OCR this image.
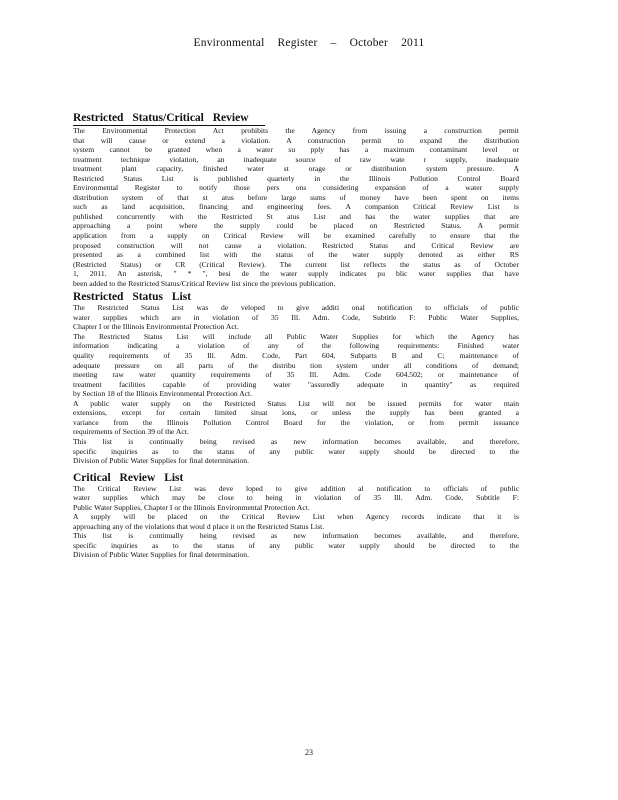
Environmental Register – October 2011
Restricted Status/Critical Review
The Environmental Protection Act prohibits the Agency from issuing a construction permit
that will cause or extend a violation. A construction permit to expand the distribution
system cannot be granted when a water su pply has a maximum contaminant level or
treatment technique violation, an inadequate source of raw wate r supply, inadequate
treatment plant capacity, finished water st orage or distribution system pressure. A
Restricted Status List is published quarterly in the Illinois Pollution Control Board
Environmental Register to notify those pers ons considering expansion of a water supply
distribution system of that st atus before large sums of money have been spent on items
such as land acquisition, financing and engineering fees. A companion Critical Review List is
published concurrently with the Restricted St atus List and has the water supplies that are
approaching a point where the supply could be placed on Restricted Status. A permit
application from a supply on Critical Review will be examined carefully to ensure that the
proposed construction will not cause a violation. Restricted Status and Critical Review are
presented as a combined list with the status of the water supply denoted as either RS
(Restricted Status) or CR (Critical Review). The current list reflects the status as of October
1, 2011. An asterisk, " * ", besi de the water supply indicates pu blic water supplies that have
been added to the Restricted Status/Critical Review list since the previous publication.
Restricted Status List
The Restricted Status List was de veloped to give additi onal notification to officials of public
water supplies which are in violation of 35 Ill. Adm. Code, Subtitle F: Public Water Supplies,
Chapter I or the Illinois Environmental Protection Act.
The Restricted Status List will include all Public Water Supplies for which the Agency has
information indicating a violation of any of the following requirements: Finished water
quality requirements of 35 Ill. Adm. Code, Part 604, Subparts B and C; maintenance of
adequate pressure on all parts of the distribu tion system under all conditions of demand;
meeting raw water quantity requirements of 35 Ill. Adm. Code 604.502; or maintenance of
treatment facilities capable of providing water "assuredly adequate in quantity" as required
by Section 18 of the Illinois Environmental Protection Act.
A public water supply on the Restricted Status List will not be issued permits for water main
extensions, except for certain limited situat ions, or unless the supply has been granted a
variance from the Illinois Pollution Control Board for the violation, or from permit issuance
requirements of Section 39 of the Act.
This list is continually being revised as new information becomes available, and therefore,
specific inquiries as to the status of any public water supply should be directed to the
Division of Public Water Supplies for final determination.
Critical Review List
The Critical Review List was deve loped to give addition al notification to officials of public
water supplies which may be close to being in violation of 35 Ill. Adm. Code, Subtitle F:
Public Water Supplies, Chapter I or the Illinois Environmental Protection Act.
A supply will be placed on the Critical Review List when Agency records indicate that it is
approaching any of the violations that woul d place it on the Restricted Status List.
This list is continually being revised as new information becomes available, and therefore,
specific inquiries as to the status of any public water supply should be directed to the
Division of Public Water Supplies for final determination.
23
